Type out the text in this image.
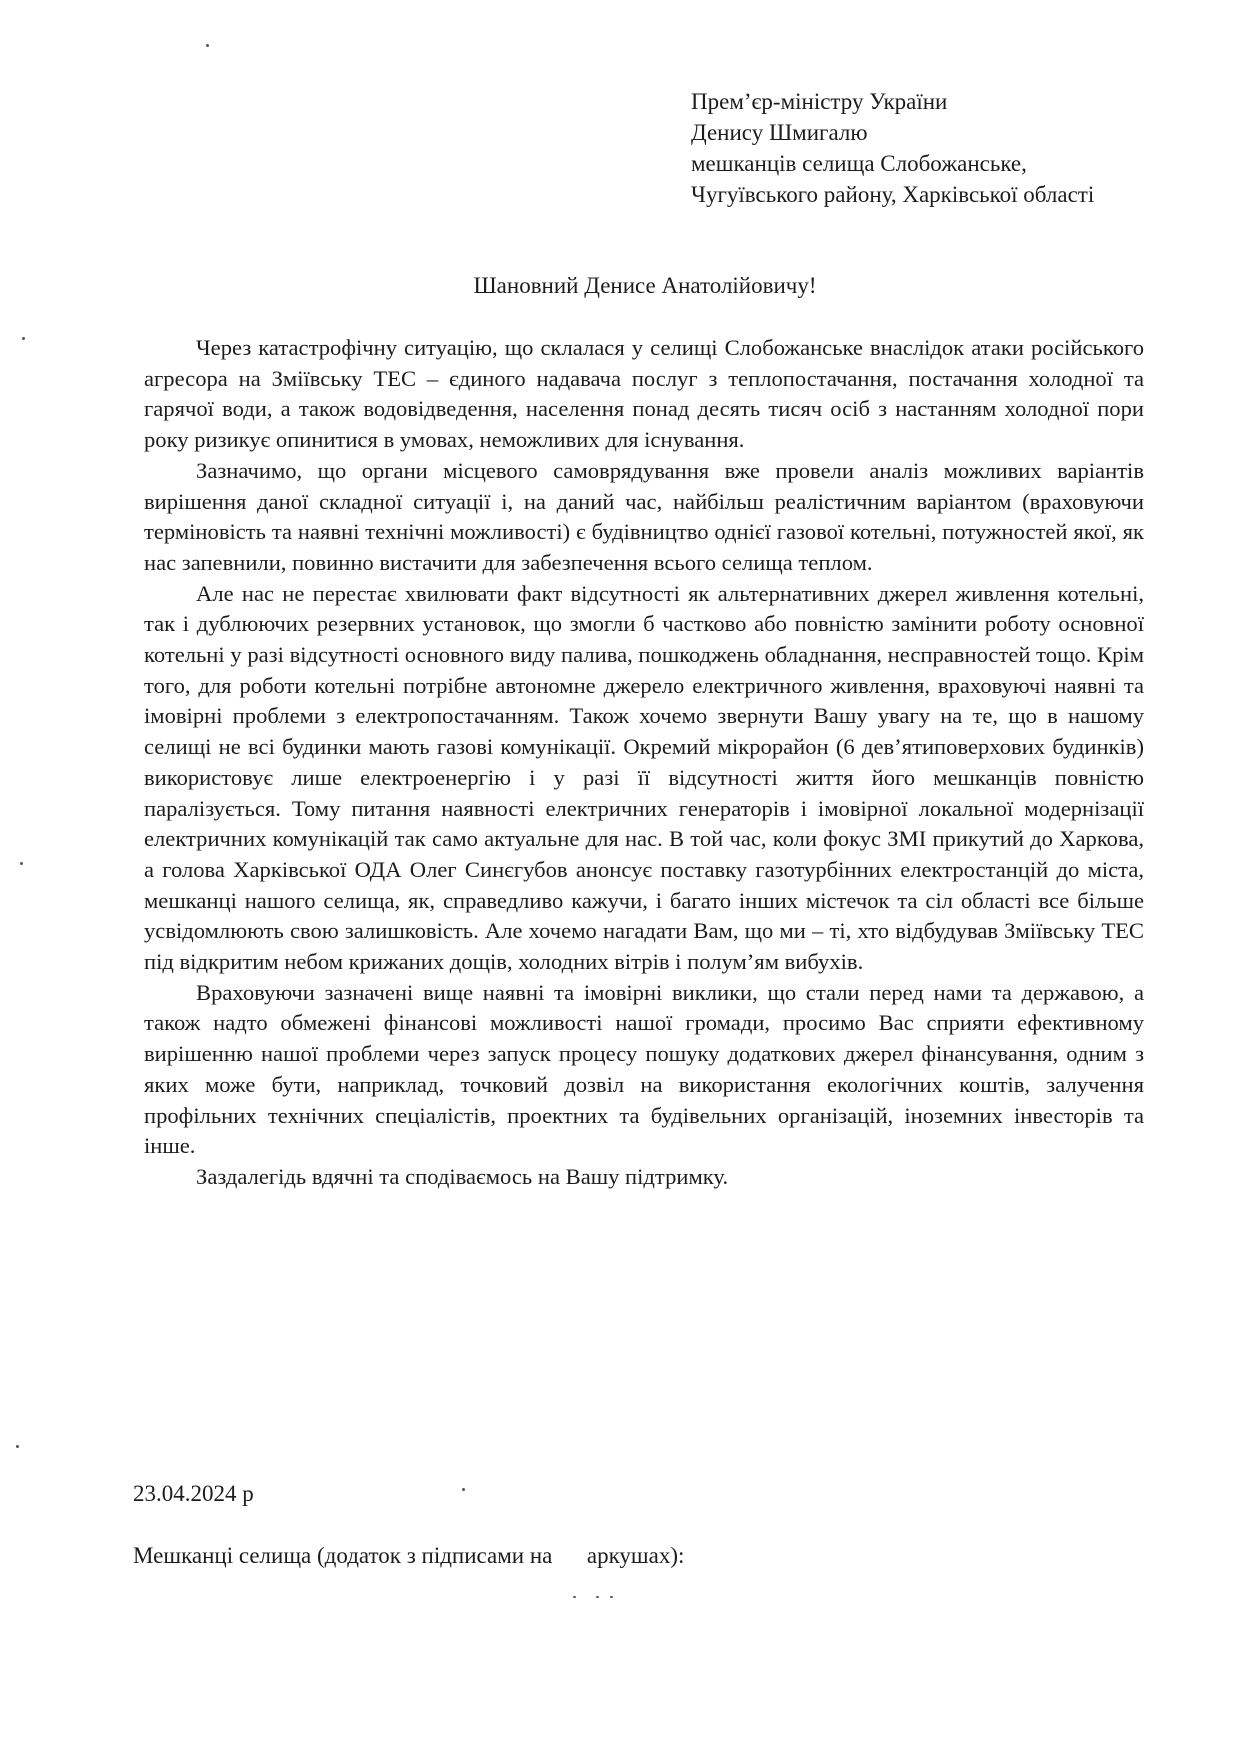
Прем’єр-міністру України
Денису Шмигалю
мешканців селища Слобожанське,
Чугуївського району, Харківської області
Шановний Денисе Анатолійовичу!

Через катастрофічну ситуацію, що склалася у селищі Слобожанське внаслідок атаки російського агресора на Зміївську ТЕС – єдиного надавача послуг з теплопостачання, постачання холодної та гарячої води, а також водовідведення, населення понад десять тисяч осіб з настанням холодної пори року ризикує опинитися в умовах, неможливих для існування.

Зазначимо, що органи місцевого самоврядування вже провели аналіз можливих варіантів вирішення даної складної ситуації і, на даний час, найбільш реалістичним варіантом (враховуючи терміновість та наявні технічні можливості) є будівництво однієї газової котельні, потужностей якої, як нас запевнили, повинно вистачити для забезпечення всього селища теплом.

Але нас не перестає хвилювати факт відсутності як альтернативних джерел живлення котельні, так і дублюючих резервних установок, що змогли б частково або повністю замінити роботу основної котельні у разі відсутності основного виду палива, пошкоджень обладнання, несправностей тощо. Крім того, для роботи котельні потрібне автономне джерело електричного живлення, враховуючі наявні та імовірні проблеми з електропостачанням. Також хочемо звернути Вашу увагу на те, що в нашому селищі не всі будинки мають газові комунікації. Окремий мікрорайон (6 дев’ятиповерхових будинків) використовує лише електроенергію і у разі її відсутності життя його мешканців повністю паралізується. Тому питання наявності електричних генераторів і імовірної локальної модернізації електричних комунікацій так само актуальне для нас. В той час, коли фокус ЗМІ прикутий до Харкова, а голова Харківської ОДА Олег Синєгубов анонсує поставку газотурбінних електростанцій до міста, мешканці нашого селища, як, справедливо кажучи, і багато інших містечок та сіл області все більше усвідомлюють свою залишковість. Але хочемо нагадати Вам, що ми – ті, хто відбудував Зміївську ТЕС під відкритим небом крижаних дощів, холодних вітрів і полум’ям вибухів.

Враховуючи зазначені вище наявні та імовірні виклики, що стали перед нами та державою, а також надто обмежені фінансові можливості нашої громади, просимо Вас сприяти ефективному вирішенню нашої проблеми через запуск процесу пошуку додаткових джерел фінансування, одним з яких може бути, наприклад, точковий дозвіл на використання екологічних коштів, залучення профільних технічних спеціалістів, проектних та будівельних організацій, іноземних інвесторів та інше.

Заздалегідь вдячні та сподіваємось на Вашу підтримку.

23.04.2024 р
Мешканці селища (додаток з підписами на      аркушах):
